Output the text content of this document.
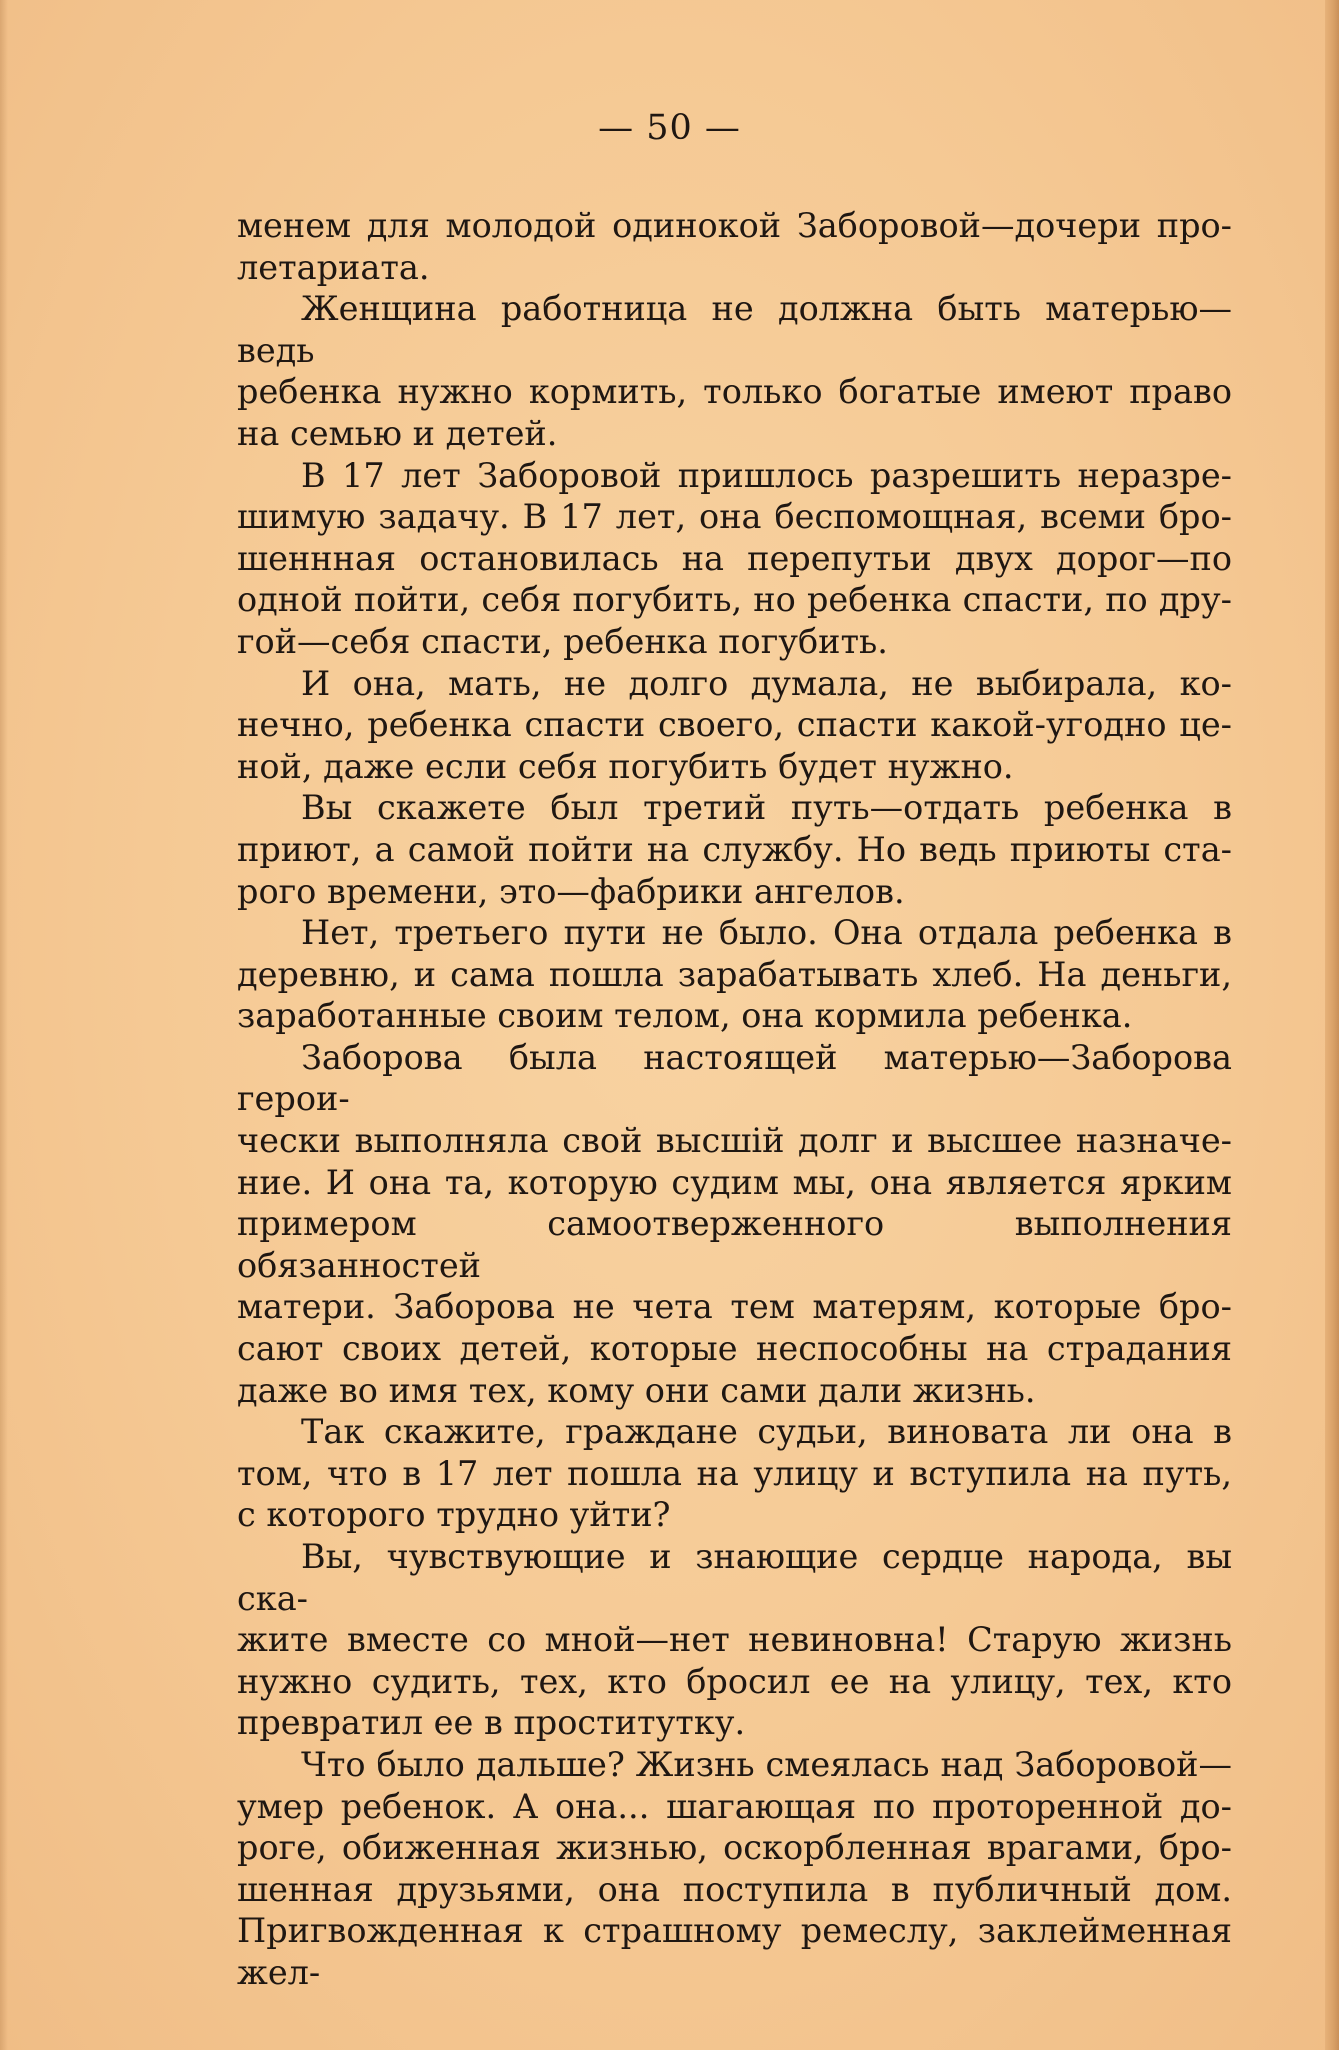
— 50 —

менем для молодой одинокой Заборовой—дочери про-

летариата.

Женщина работница не должна быть матерью—ведь

ребенка нужно кормить, только богатые имеют право

на семью и детей.

В 17 лет Заборовой пришлось разрешить неразре-

шимую задачу. В 17 лет, она беспомощная, всеми бро-

шеннная остановилась на перепутьи двух дорог—по

одной пойти, себя погубить, но ребенка спасти, по дру-

гой—себя спасти, ребенка погубить.

И она, мать, не долго думала, не выбирала, ко-

нечно, ребенка спасти своего, спасти какой-угодно це-

ной, даже если себя погубить будет нужно.

Вы скажете был третий путь—отдать ребенка в

приют, а самой пойти на службу. Но ведь приюты ста-

рого времени, это—фабрики ангелов.

Нет, третьего пути не было. Она отдала ребенка в

деревню, и сама пошла зарабатывать хлеб. На деньги,

заработанные своим телом, она кормила ребенка.

Заборова была настоящей матерью—Заборова герои-

чески выполняла свой высшiй долг и высшее назначе-

ние. И она та, которую судим мы, она является ярким

примером самоотверженного выполнения обязанностей

матери. Заборова не чета тем матерям, которые бро-

сают своих детей, которые неспособны на страдания

даже во имя тех, кому они сами дали жизнь.

Так скажите, граждане судьи, виновата ли она в

том, что в 17 лет пошла на улицу и вступила на путь,

с которого трудно уйти?

Вы, чувствующие и знающие сердце народа, вы ска-

жите вместе со мной—нет невиновна! Старую жизнь

нужно судить, тех, кто бросил ее на улицу, тех, кто

превратил ее в проститутку.

Что было дальше? Жизнь смеялась над Заборовой—

умер ребенок. А она... шагающая по проторенной до-

роге, обиженная жизнью, оскорбленная врагами, бро-

шенная друзьями, она поступила в публичный дом.

Пригвожденная к страшному ремеслу, заклейменная жел-
